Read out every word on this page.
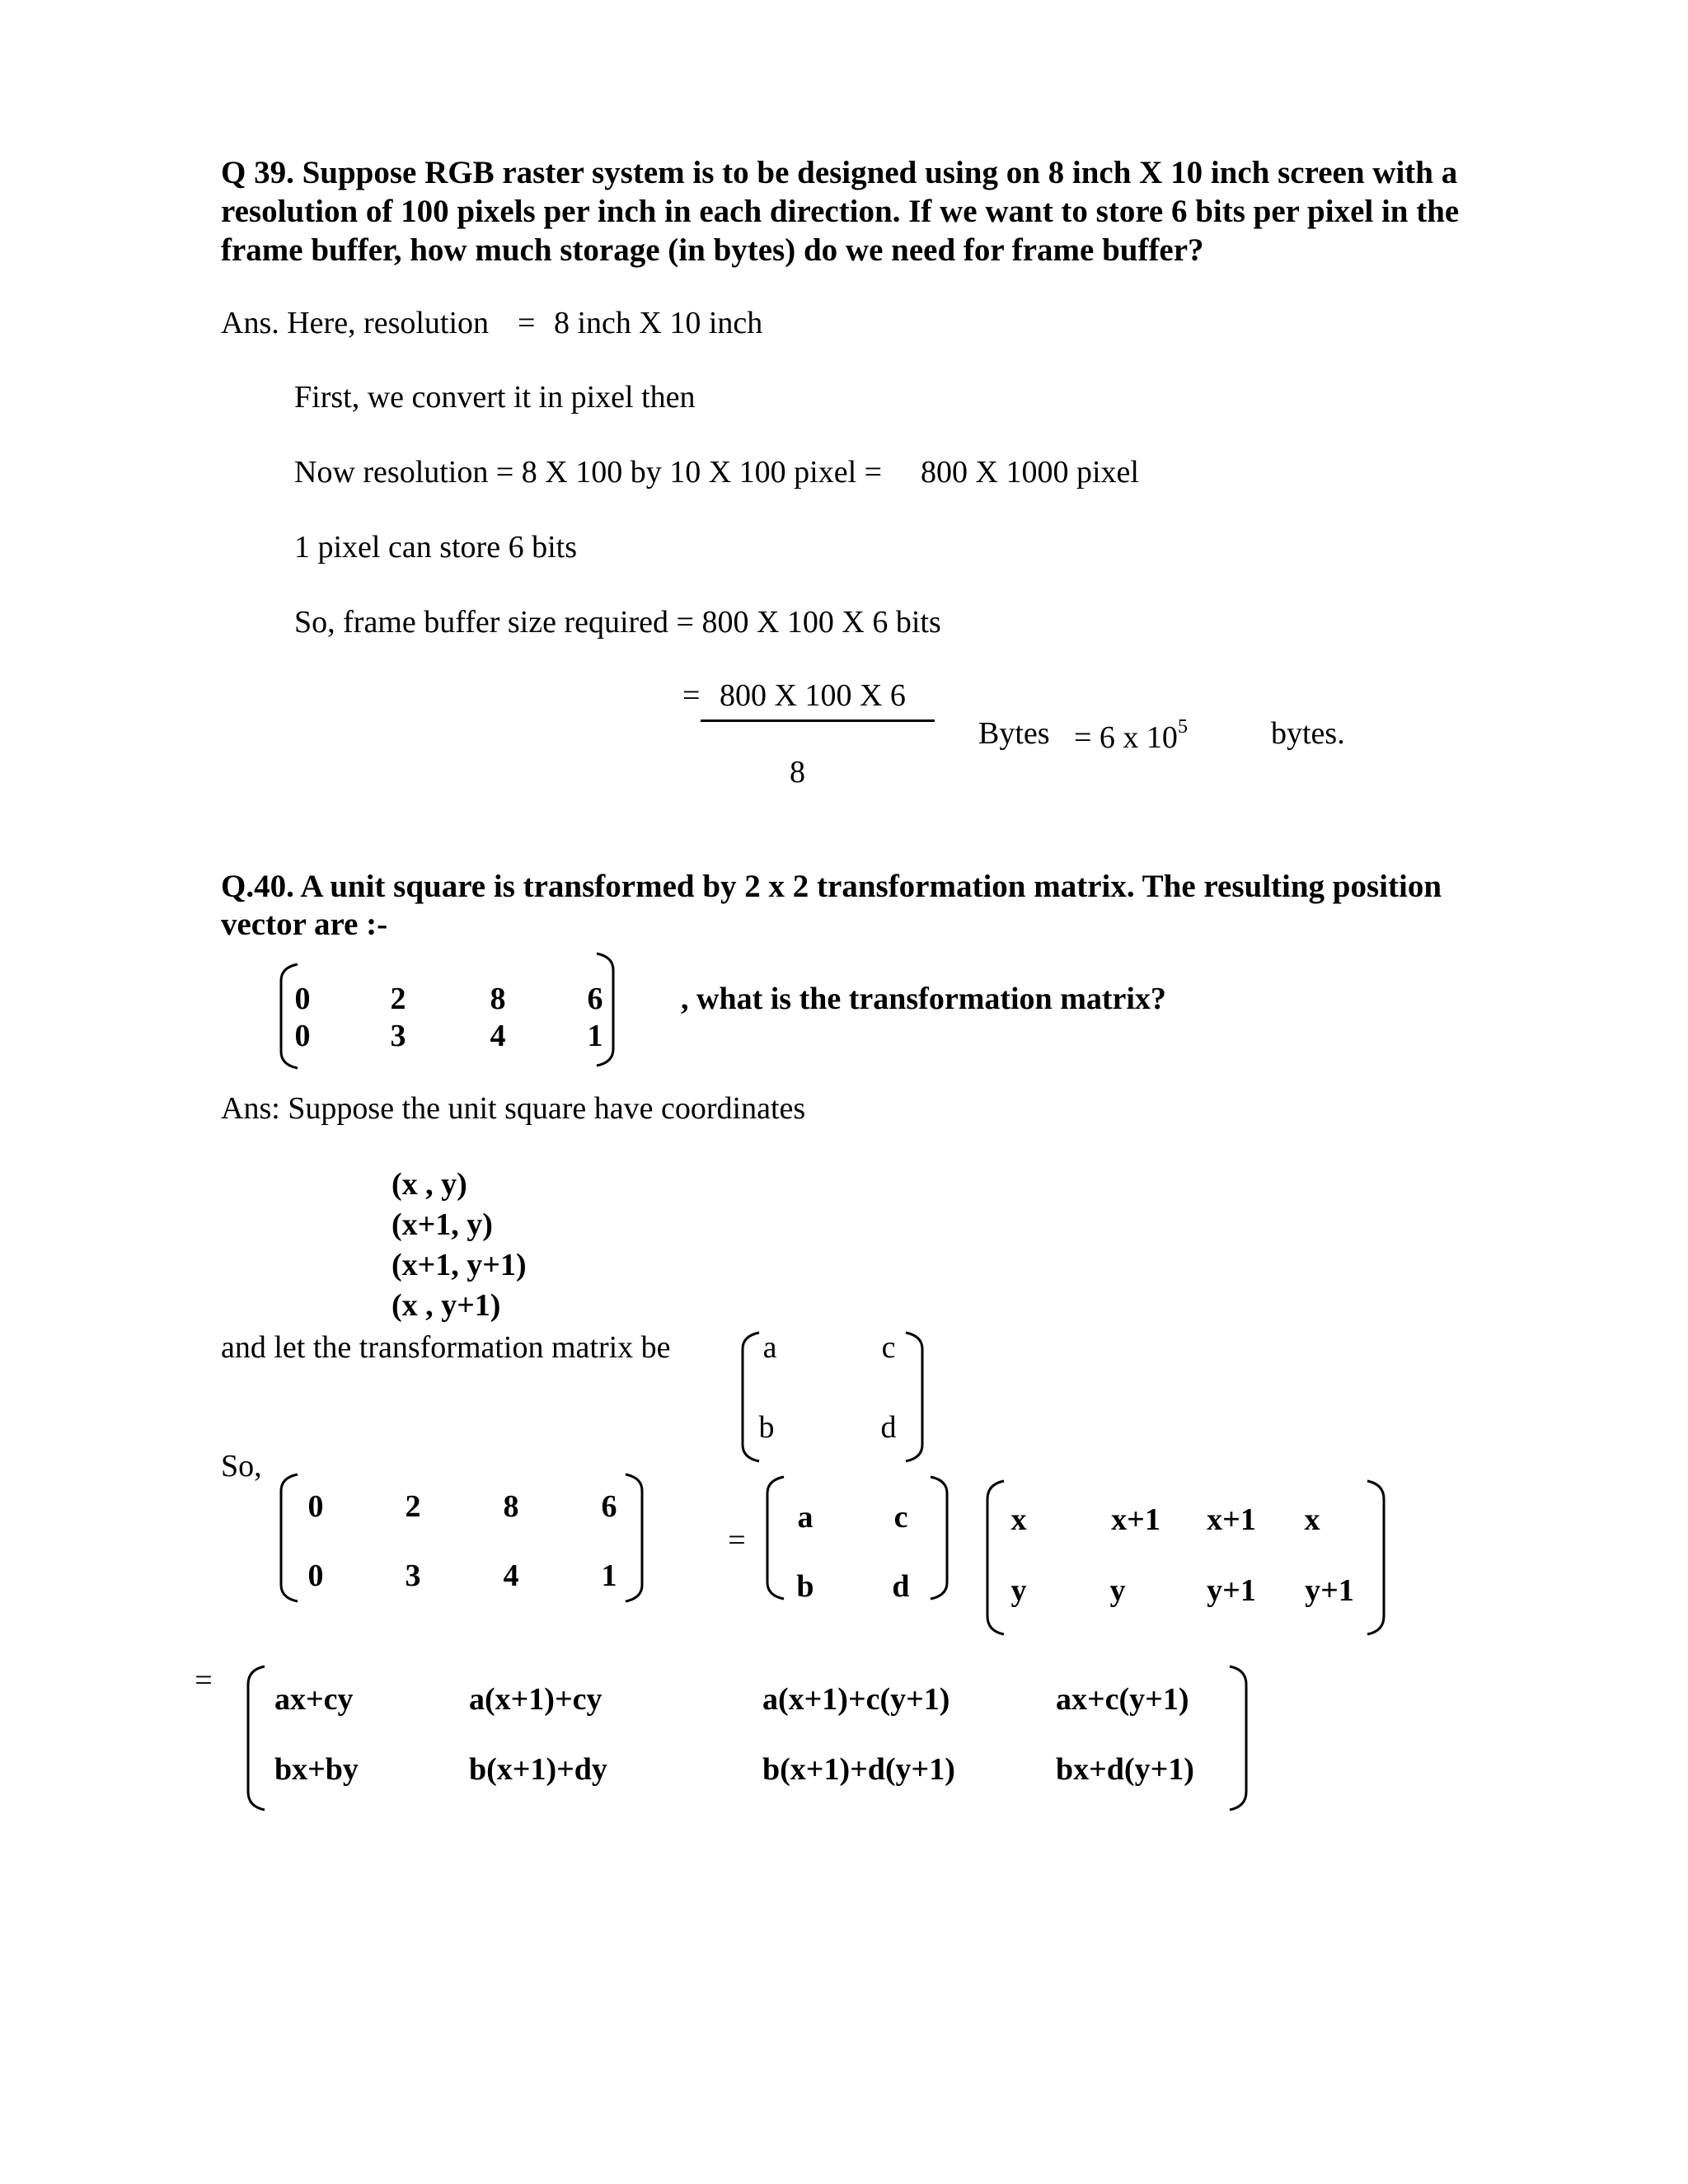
Q 39. Suppose RGB raster system is to be designed using on 8 inch X 10 inch screen with a
resolution of 100 pixels per inch in each direction. If we want to store 6 bits per pixel in the
frame buffer, how much storage (in bytes) do we need for frame buffer?
Ans. Here, resolution = 8 inch X 10 inch
First, we convert it in pixel then
Now resolution = 8 X 100 by 10 X 100 pixel = 800 X 1000 pixel
1 pixel can store 6 bits
So, frame buffer size required = 800 X 100 X 6 bits
= 800 X 100 X 6
8
Bytes = 6 x $10^5$	bytes.
Q.40. A unit square is transformed by 2 x 2 transformation matrix. The resulting position
vector are :-
0	2	8	6
0	3	4	1
, what is the transformation matrix?
Ans: Suppose the unit square have coordinates
(x , y)
(x+1, y)
(x+1, y+1)
(x , y+1)
and let the transformation matrix be	a	c
b	d
So,
0	2	8	6
0	3	4	1
=
a	c
b d
x	x+1 x+1 x
y	y	y+1 y+1
=
ax+cy	a(x+1)+cy	a(x+1)+c(y+1)	ax+c(y+1)
bx+by	b(x+1)+dy	b(x+1)+d(y+1)	bx+d(y+1)
